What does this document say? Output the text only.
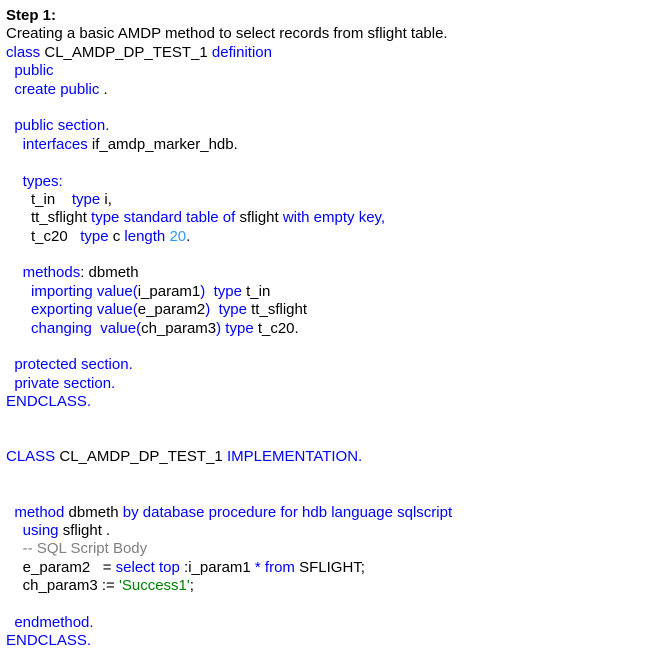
Step 1:
Creating a basic AMDP method to select records from sflight table.
class CL_AMDP_DP_TEST_1 definition
public
create public .
public section.
interfaces if_amdp_marker_hdb.
types:
t_in    type i,
tt_sflight type standard table of sflight with empty key,
t_c20   type c length 20.
methods: dbmeth
importing value(i_param1)  type t_in
exporting value(e_param2)  type tt_sflight
changing  value(ch_param3) type t_c20.
protected section.
private section.
ENDCLASS.
CLASS CL_AMDP_DP_TEST_1 IMPLEMENTATION.
method dbmeth by database procedure for hdb language sqlscript
using sflight .
-- SQL Script Body
e_param2   = select top :i_param1 * from SFLIGHT;
ch_param3 := 'Success1';
endmethod.
ENDCLASS.
